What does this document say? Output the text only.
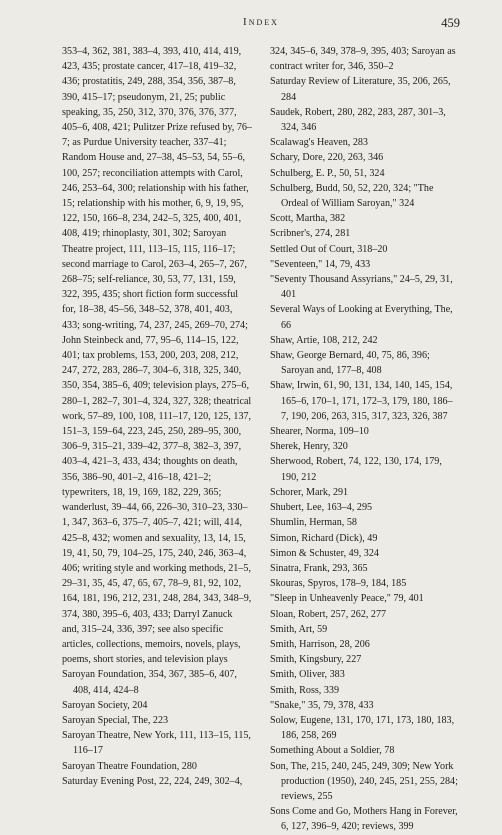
Index	459

353–4, 362, 381, 383–4, 393, 410, 414, 419, 423, 435; prostate cancer, 417–18, 419–32, 436; prostatitis, 249, 288, 354, 356, 387–8, 390, 415–17; pseudonym, 21, 25; public speaking, 35, 250, 312, 370, 376, 376, 377, 405–6, 408, 421; Pulitzer Prize refused by, 76–7; as Purdue University teacher, 337–41; Random House and, 27–38, 45–53, 54, 55–6, 100, 257; reconciliation attempts with Carol, 246, 253–64, 300; relationship with his father, 15; relationship with his mother, 6, 9, 19, 95, 122, 150, 166–8, 234, 242–5, 325, 400, 401, 408, 419; rhinoplasty, 301, 302; Saroyan Theatre project, 111, 113–15, 115, 116–17; second marriage to Carol, 263–4, 265–7, 267, 268–75; self-reliance, 30, 53, 77, 131, 159, 322, 395, 435; short fiction form successful for, 18–38, 45–56, 348–52, 378, 401, 403, 433; song-writing, 74, 237, 245, 269–70, 274; John Steinbeck and, 77, 95–6, 114–15, 122, 401; tax problems, 153, 200, 203, 208, 212, 247, 272, 283, 286–7, 304–6, 318, 325, 340, 350, 354, 385–6, 409; television plays, 275–6, 280–1, 282–7, 301–4, 324, 327, 328; theatrical work, 57–89, 100, 108, 111–17, 120, 125, 137, 151–3, 159–64, 223, 245, 250, 289–95, 300, 306–9, 315–21, 339–42, 377–8, 382–3, 397, 403–4, 421–3, 433, 434; thoughts on death, 356, 386–90, 401–2, 416–18, 421–2; typewriters, 18, 19, 169, 182, 229, 365; wanderlust, 39–44, 66, 226–30, 310–23, 330–1, 347, 363–6, 375–7, 405–7, 421; will, 414, 425–8, 432; women and sexuality, 13, 14, 15, 19, 41, 50, 79, 104–25, 175, 240, 246, 363–4, 406; writing style and working methods, 21–5, 29–31, 35, 45, 47, 65, 67, 78–9, 81, 92, 102, 164, 181, 196, 212, 231, 248, 284, 343, 348–9, 374, 380, 395–6, 403, 433; Darryl Zanuck and, 315–24, 336, 397; see also specific articles, collections, memoirs, novels, plays, poems, short stories, and television plays

Saroyan Foundation, 354, 367, 385–6, 407, 408, 414, 424–8

Saroyan Society, 204

Saroyan Special, The, 223

Saroyan Theatre, New York, 111, 113–15, 115, 116–17

Saroyan Theatre Foundation, 280

Saturday Evening Post, 22, 224, 249, 302–4,

324, 345–6, 349, 378–9, 395, 403; Saroyan as contract writer for, 346, 350–2

Saturday Review of Literature, 35, 206, 265, 284

Saudek, Robert, 280, 282, 283, 287, 301–3, 324, 346

Scalawag's Heaven, 283

Schary, Dore, 220, 263, 346

Schulberg, E. P., 50, 51, 324

Schulberg, Budd, 50, 52, 220, 324; "The Ordeal of William Saroyan," 324

Scott, Martha, 382

Scribner's, 274, 281

Settled Out of Court, 318–20

"Seventeen," 14, 79, 433

"Seventy Thousand Assyrians," 24–5, 29, 31, 401

Several Ways of Looking at Everything, The, 66

Shaw, Artie, 108, 212, 242

Shaw, George Bernard, 40, 75, 86, 396; Saroyan and, 177–8, 408

Shaw, Irwin, 61, 90, 131, 134, 140, 145, 154, 165–6, 170–1, 171, 172–3, 179, 180, 186–7, 190, 206, 263, 315, 317, 323, 326, 387

Shearer, Norma, 109–10

Sherek, Henry, 320

Sherwood, Robert, 74, 122, 130, 174, 179, 190, 212

Schorer, Mark, 291

Shubert, Lee, 163–4, 295

Shumlin, Herman, 58

Simon, Richard (Dick), 49

Simon & Schuster, 49, 324

Sinatra, Frank, 293, 365

Skouras, Spyros, 178–9, 184, 185

"Sleep in Unheavenly Peace," 79, 401

Sloan, Robert, 257, 262, 277

Smith, Art, 59

Smith, Harrison, 28, 206

Smith, Kingsbury, 227

Smith, Oliver, 383

Smith, Ross, 339

"Snake," 35, 79, 378, 433

Solow, Eugene, 131, 170, 171, 173, 180, 183, 186, 258, 269

Something About a Soldier, 78

Son, The, 215, 240, 245, 249, 309; New York production (1950), 240, 245, 251, 255, 284; reviews, 255

Sons Come and Go, Mothers Hang in Forever, 6, 127, 396–9, 420; reviews, 399
